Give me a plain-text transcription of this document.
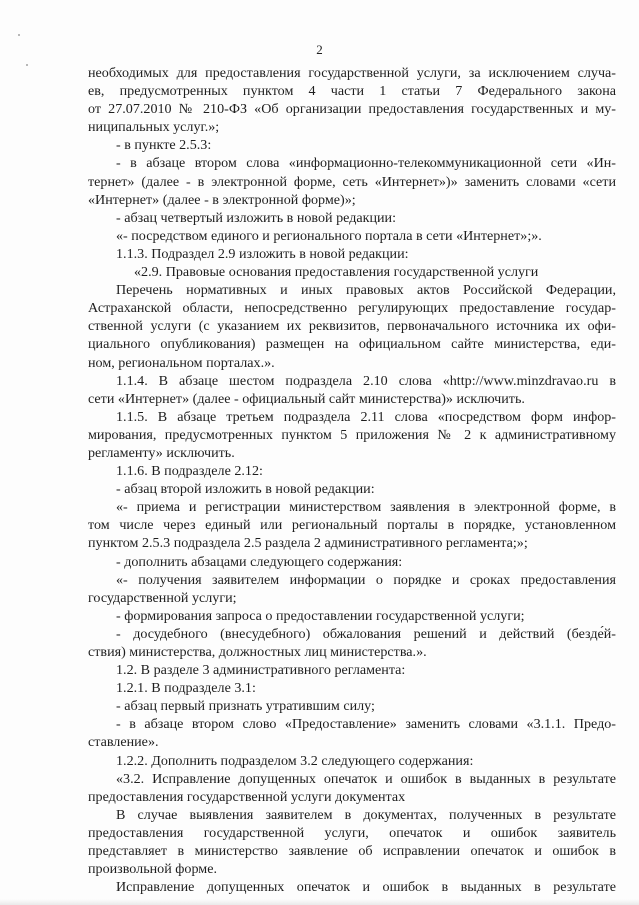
2
необходимых для предоставления государственной услуги, за исключением случа-
ев, предусмотренных пунктом 4 части 1 статьи 7 Федерального закона
от 27.07.2010 № 210-ФЗ «Об организации предоставления государственных и му-
ниципальных услуг.»;
- в пункте 2.5.3:
- в абзаце втором слова «информационно-телекоммуникационной сети «Ин-
тернет» (далее - в электронной форме, сеть «Интернет»)» заменить словами «сети
«Интернет» (далее - в электронной форме)»;
- абзац четвертый изложить в новой редакции:
«- посредством единого и регионального портала в сети «Интернет»;».
1.1.3. Подраздел 2.9 изложить в новой редакции:
«2.9. Правовые основания предоставления государственной услуги
Перечень нормативных и иных правовых актов Российской Федерации,
Астраханской области, непосредственно регулирующих предоставление государ-
ственной услуги (с указанием их реквизитов, первоначального источника их офи-
циального опубликования) размещен на официальном сайте министерства, еди-
ном, региональном порталах.».
1.1.4. В абзаце шестом подраздела 2.10 слова «http://www.minzdravao.ru в
сети «Интернет» (далее - официальный сайт министерства)» исключить.
1.1.5. В абзаце третьем подраздела 2.11 слова «посредством форм инфор-
мирования, предусмотренных пунктом 5 приложения № 2 к административному
регламенту» исключить.
1.1.6. В подразделе 2.12:
- абзац второй изложить в новой редакции:
«- приема и регистрации министерством заявления в электронной форме, в
том числе через единый или региональный порталы в порядке, установленном
пунктом 2.5.3 подраздела 2.5 раздела 2 административного регламента;»;
- дополнить абзацами следующего содержания:
«- получения заявителем информации о порядке и сроках предоставления
государственной услуги;
- формирования запроса о предоставлении государственной услуги;
- досудебного (внесудебного) обжалования решений и действий (безде́й-
ствия) министерства, должностных лиц министерства.».
1.2. В разделе 3 административного регламента:
1.2.1. В подразделе 3.1:
- абзац первый признать утратившим силу;
- в абзаце втором слово «Предоставление» заменить словами «3.1.1. Предо-
ставление».
1.2.2. Дополнить подразделом 3.2 следующего содержания:
«3.2. Исправление допущенных опечаток и ошибок в выданных в результате
предоставления государственной услуги документах
В случае выявления заявителем в документах, полученных в результате
предоставления государственной услуги, опечаток и ошибок заявитель
представляет в министерство заявление об исправлении опечаток и ошибок в
произвольной форме.
Исправление допущенных опечаток и ошибок в выданных в результате
